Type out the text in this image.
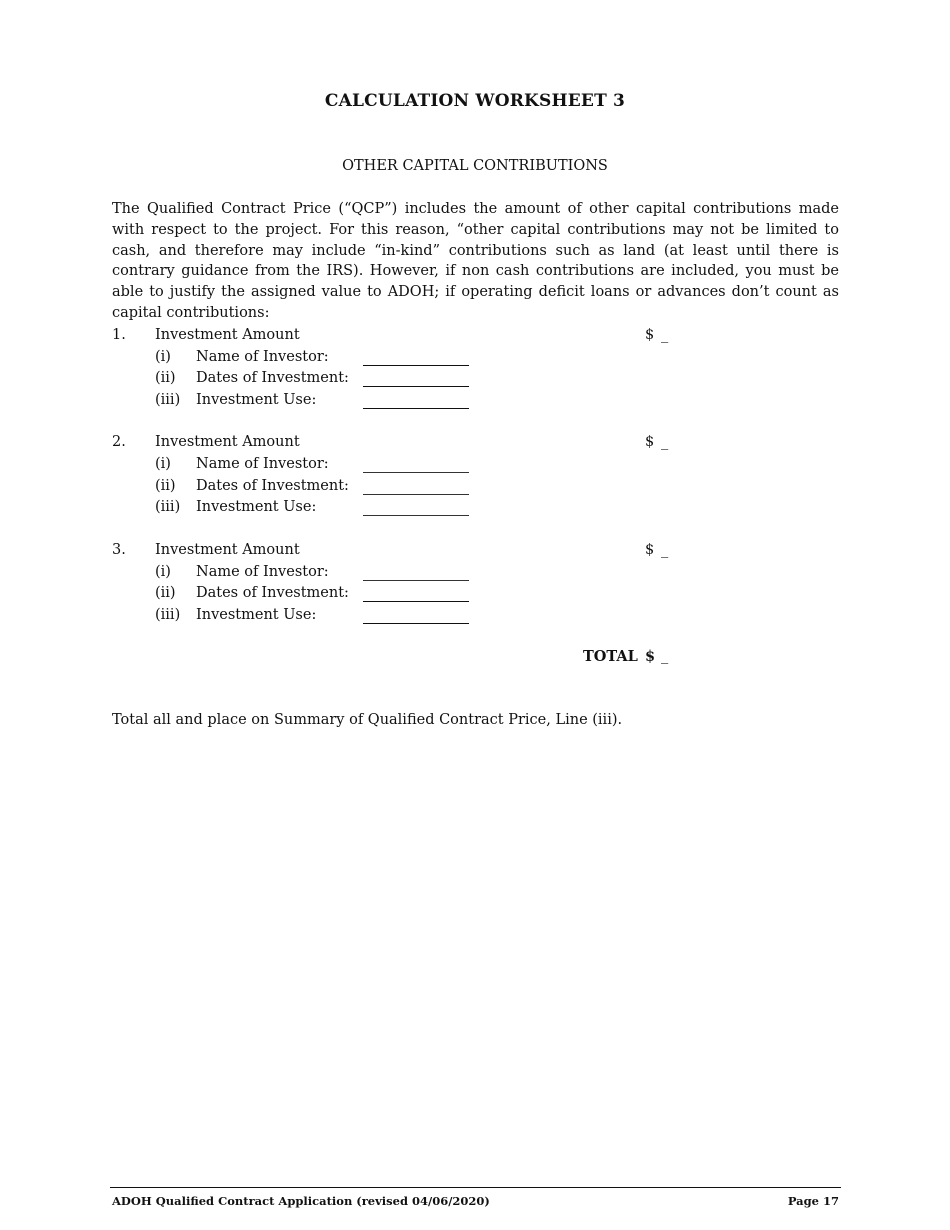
CALCULATION WORKSHEET 3
OTHER CAPITAL CONTRIBUTIONS

The Qualified Contract Price (“QCP”) includes the amount of other capital contributions made with respect to the project. For this reason, “other capital contributions may not be limited to cash, and therefore may include “in-kind” contributions such as land (at least until there is contrary guidance from the IRS). However, if non cash contributions are included, you must be able to justify the assigned value to ADOH; if operating deficit loans or advances don’t count as capital contributions:

1. Investment Amount	$ _
(i) Name of Investor:
(ii) Dates of Investment:
(iii) Investment Use:
2. Investment Amount	$ _
(i) Name of Investor:
(ii) Dates of Investment:
(iii) Investment Use:
3. Investment Amount	$ _
(i) Name of Investor:
(ii) Dates of Investment:
(iii) Investment Use:
TOTAL $ _
Total all and place on Summary of Qualified Contract Price, Line (iii).
ADOH Qualified Contract Application (revised 04/06/2020)	Page 17
